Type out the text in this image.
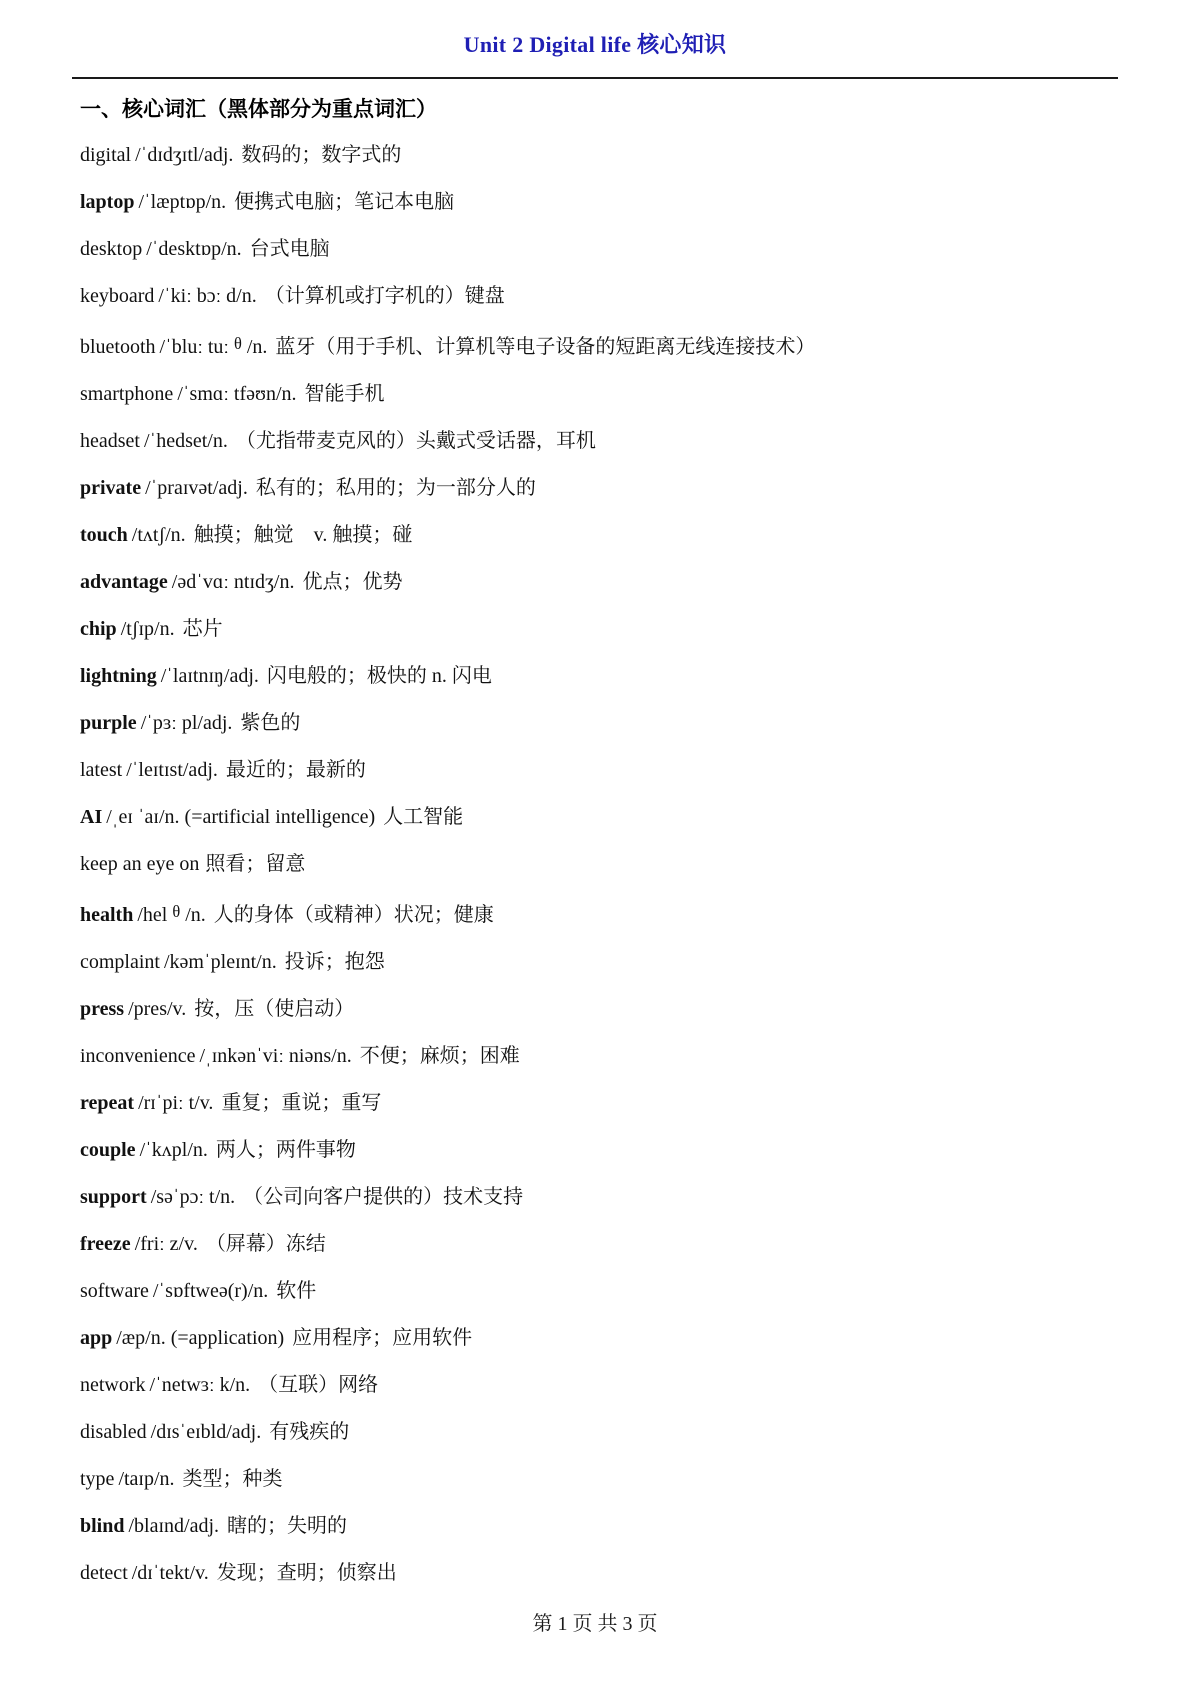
Unit 2 Digital life 核心知识
一、核心词汇（黑体部分为重点词汇）
digital /ˈdɪdʒɪtl/adj. 数码的；数字式的
laptop /ˈlæptɒp/n. 便携式电脑；笔记本电脑
desktop /ˈdesktɒp/n. 台式电脑
keyboard /ˈkiː bɔː d/n. （计算机或打字机的）键盘
bluetooth /ˈbluː tuː $^\theta$ /n. 蓝牙（用于手机、计算机等电子设备的短距离无线连接技术）
smartphone /ˈsmɑː tfəʊn/n. 智能手机
headset /ˈhedset/n. （尤指带麦克风的）头戴式受话器，耳机
private /ˈpraɪvət/adj. 私有的；私用的；为一部分人的
touch /tʌtʃ/n. 触摸；触觉　v. 触摸；碰
advantage /ədˈvɑː ntɪdʒ/n. 优点；优势
chip /tʃɪp/n. 芯片
lightning /ˈlaɪtnɪŋ/adj. 闪电般的；极快的 n. 闪电
purple /ˈpɜː pl/adj. 紫色的
latest /ˈleɪtɪst/adj. 最近的；最新的
AI /ˌeɪ ˈaɪ/n. (=artificial intelligence) 人工智能
keep an eye on 照看；留意
health /hel $^\theta$ /n. 人的身体（或精神）状况；健康
complaint /kəmˈpleɪnt/n. 投诉；抱怨
press /pres/v. 按，压（使启动）
inconvenience /ˌɪnkənˈviː niəns/n. 不便；麻烦；困难
repeat /rɪˈpiː t/v. 重复；重说；重写
couple /ˈkʌpl/n. 两人；两件事物
support /səˈpɔː t/n. （公司向客户提供的）技术支持
freeze /friː z/v. （屏幕）冻结
software /ˈsɒftweə(r)/n. 软件
app /æp/n. (=application) 应用程序；应用软件
network /ˈnetwɜː k/n. （互联）网络
disabled /dɪsˈeɪbld/adj. 有残疾的
type /taɪp/n. 类型；种类
blind /blaɪnd/adj. 瞎的；失明的
detect /dɪˈtekt/v. 发现；查明；侦察出
第 1 页 共 3 页
